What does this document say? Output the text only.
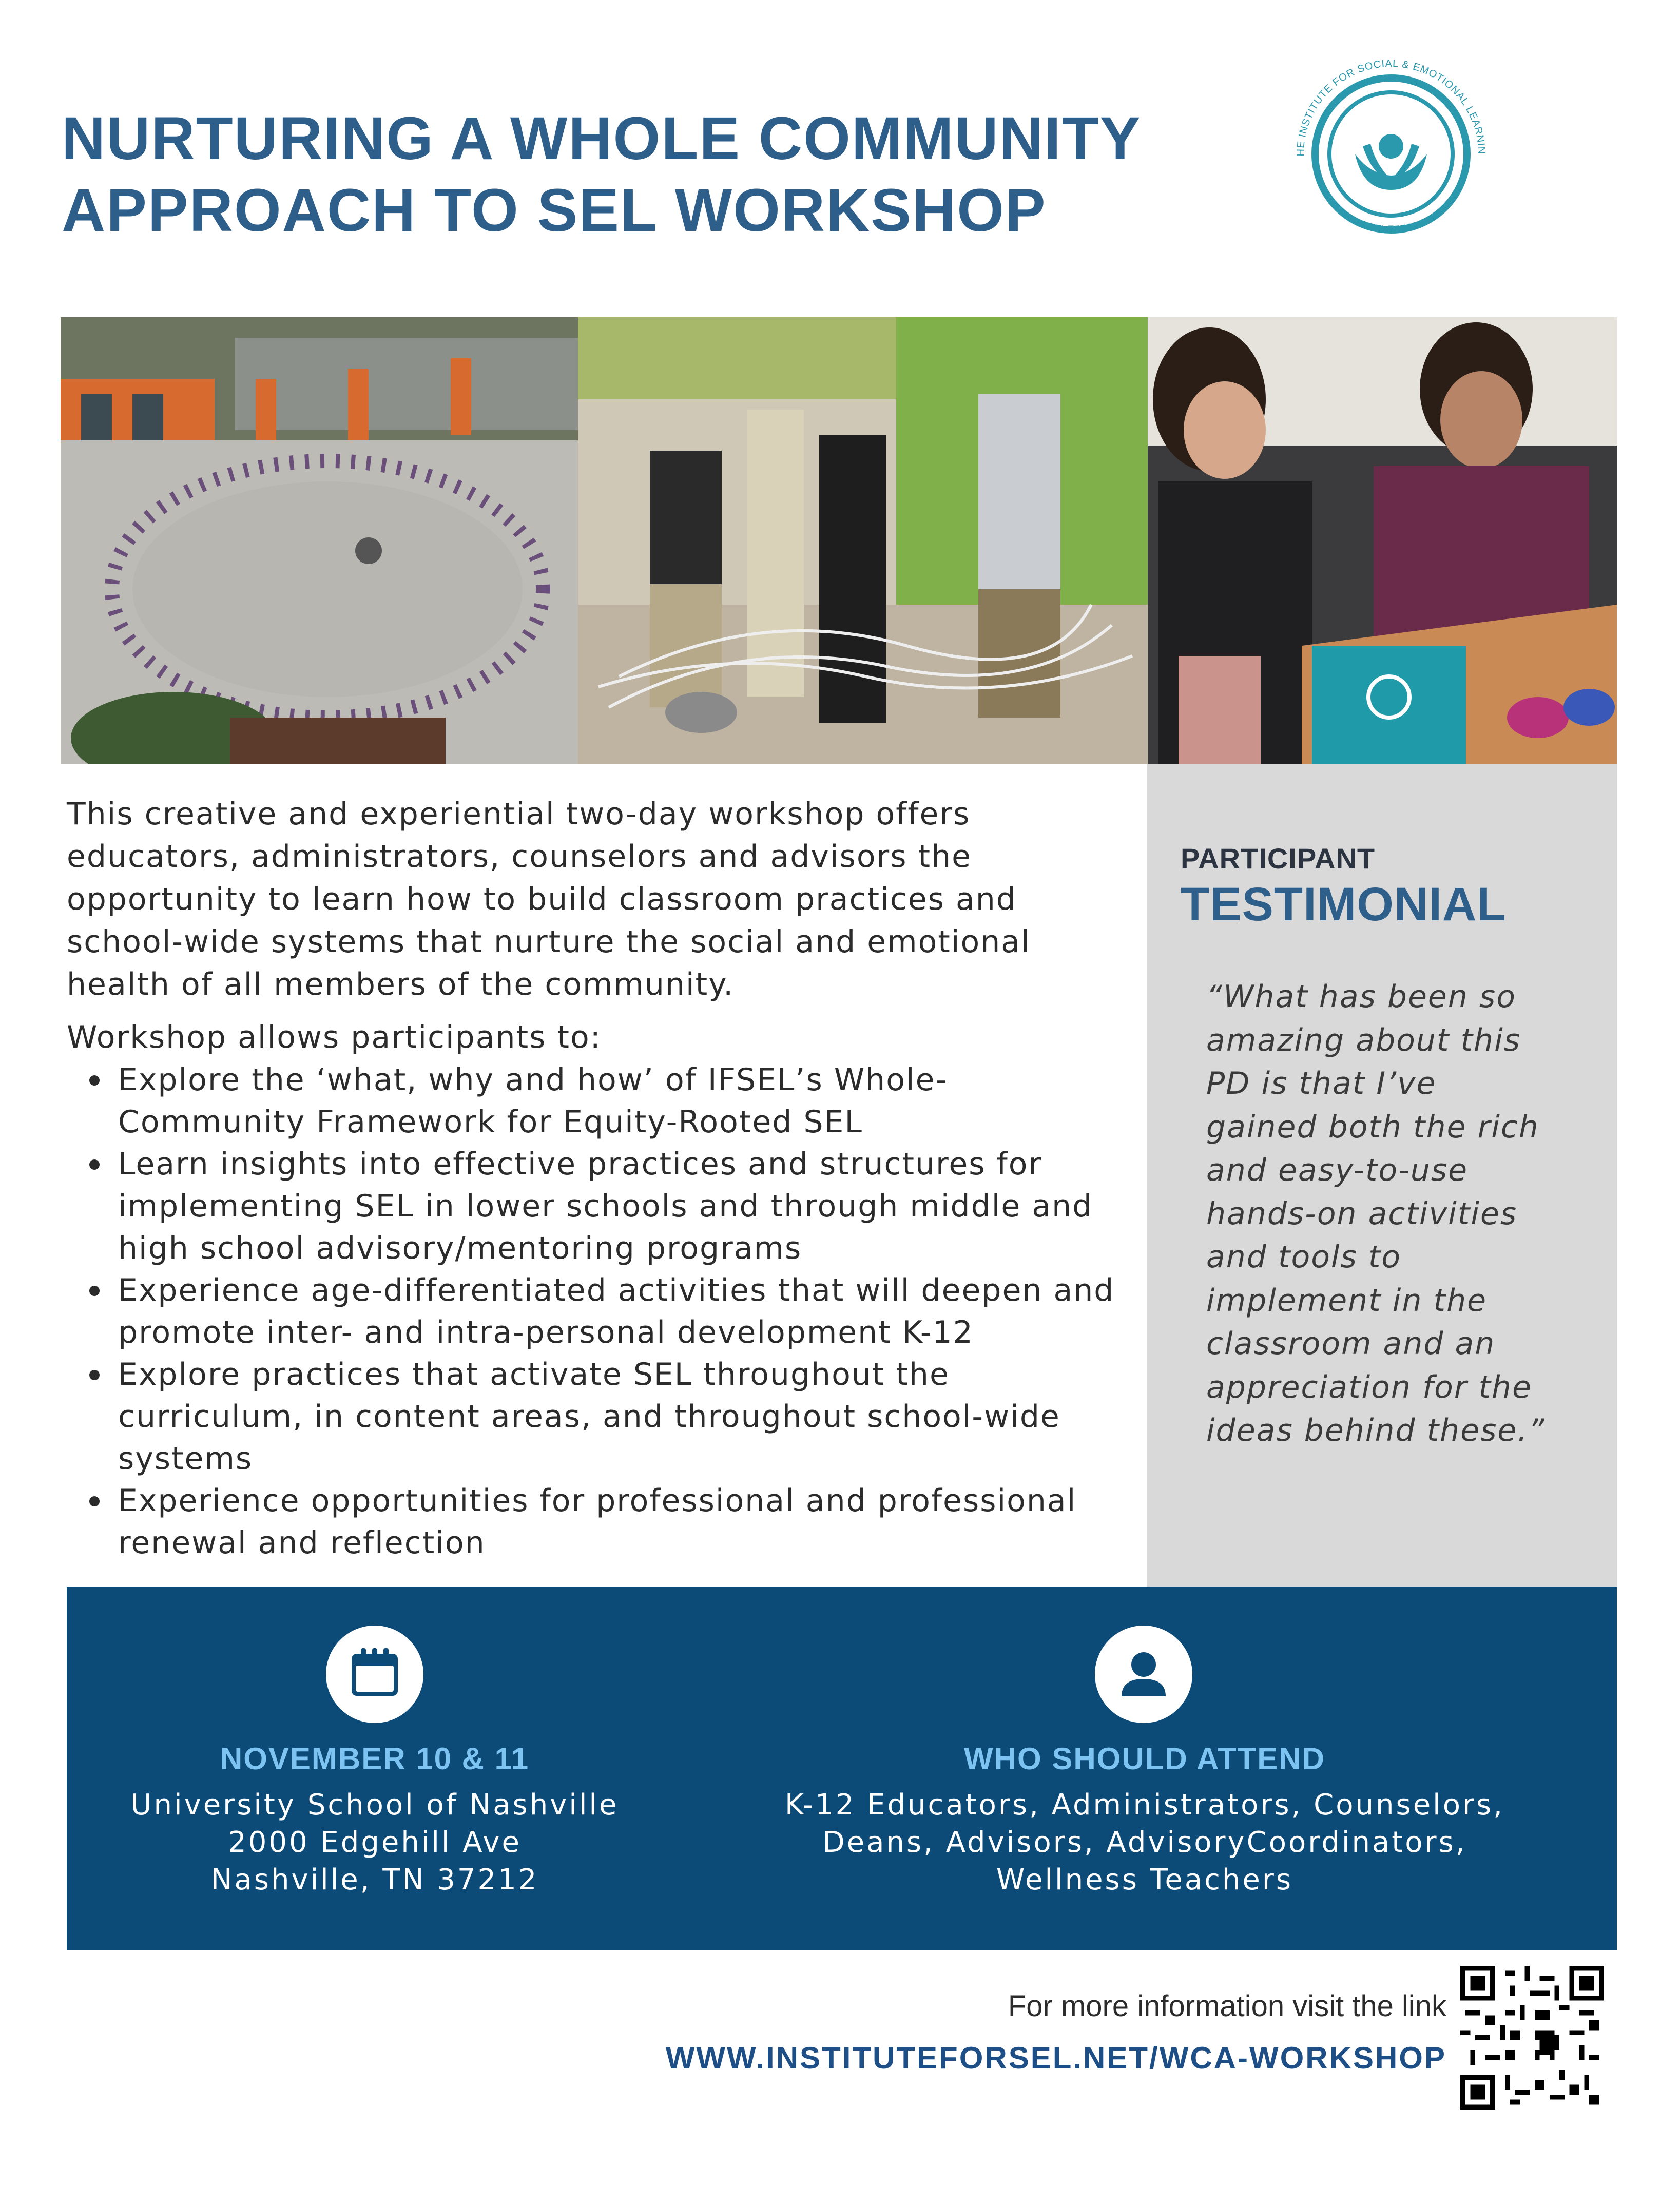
NURTURING A WHOLE COMMUNITY
APPROACH TO SEL WORKSHOP
HE INSTITUTE FOR SOCIAL & EMOTIONAL LEARNIN
WWW.INSTITUTEFORSEL.NET
This creative and experiential two-day workshop offers
educators, administrators, counselors and advisors the
opportunity to learn how to build classroom practices and
school-wide systems that nurture the social and emotional
health of all members of the community.
Workshop allows participants to:
Explore the ‘what, why and how’ of IFSEL’s Whole-
Community Framework for Equity-Rooted SEL
Learn insights into effective practices and structures for
implementing SEL in lower schools and through middle and
high school advisory/mentoring programs
Experience age-differentiated activities that will deepen and
promote inter- and intra-personal development K-12
Explore practices that activate SEL throughout the
curriculum, in content areas, and throughout school-wide
systems
Experience opportunities for professional and professional
renewal and reflection
PARTICIPANT
TESTIMONIAL
“What has been so
amazing about this
PD is that I’ve
gained both the rich
and easy-to-use
hands-on activities
and tools to
implement in the
classroom and an
appreciation for the
ideas behind these.”
NOVEMBER 10 & 11
University School of Nashville
2000 Edgehill Ave
Nashville, TN 37212
WHO SHOULD ATTEND
K-12 Educators, Administrators, Counselors,
Deans, Advisors, AdvisoryCoordinators,
Wellness Teachers
For more information visit the link
WWW.INSTITUTEFORSEL.NET/WCA-WORKSHOP
